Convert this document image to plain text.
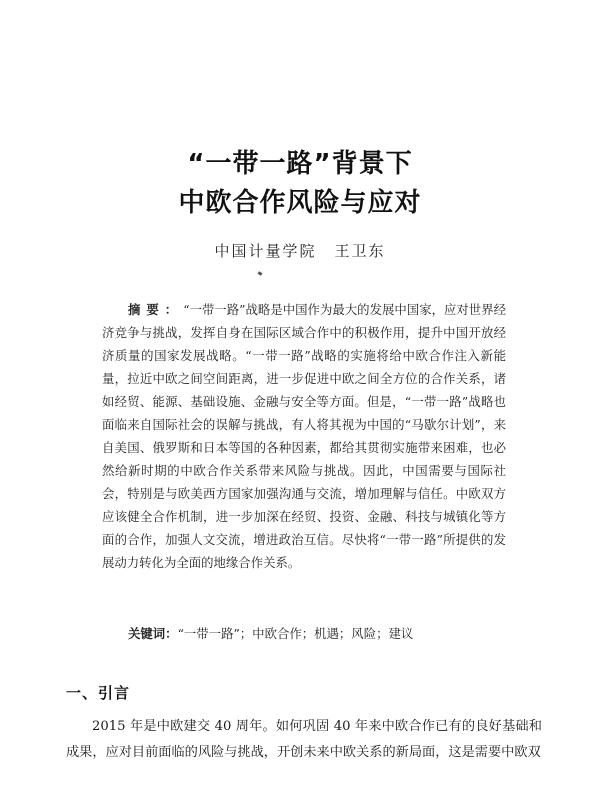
“一带一路”背景下
中欧合作风险与应对
中国计量学院 王卫东
摘要：“一带一路”战略是中国作为最大的发展中国家，应对世界经济竞争与挑战，发挥自身在国际区域合作中的积极作用，提升中国开放经济质量的国家发展战略。“一带一路”战略的实施将给中欧合作注入新能量，拉近中欧之间空间距离，进一步促进中欧之间全方位的合作关系，诸如经贸、能源、基础设施、金融与安全等方面。但是，“一带一路”战略也面临来自国际社会的误解与挑战，有人将其视为中国的“马歇尔计划”，来自美国、俄罗斯和日本等国的各种因素，都给其贯彻实施带来困难，也必然给新时期的中欧合作关系带来风险与挑战。因此，中国需要与国际社会，特别是与欧美西方国家加强沟通与交流，增加理解与信任。中欧双方应该健全合作机制，进一步加深在经贸、投资、金融、科技与城镇化等方面的合作，加强人文交流，增进政治互信。尽快将“一带一路”所提供的发展动力转化为全面的地缘合作关系。
关键词：“一带一路”；中欧合作；机遇；风险；建议
一、引言
2015 年是中欧建交 40 周年。如何巩固 40 年来中欧合作已有的良好基础和成果，应对目前面临的风险与挑战，开创未来中欧关系的新局面，这是需要中欧双
